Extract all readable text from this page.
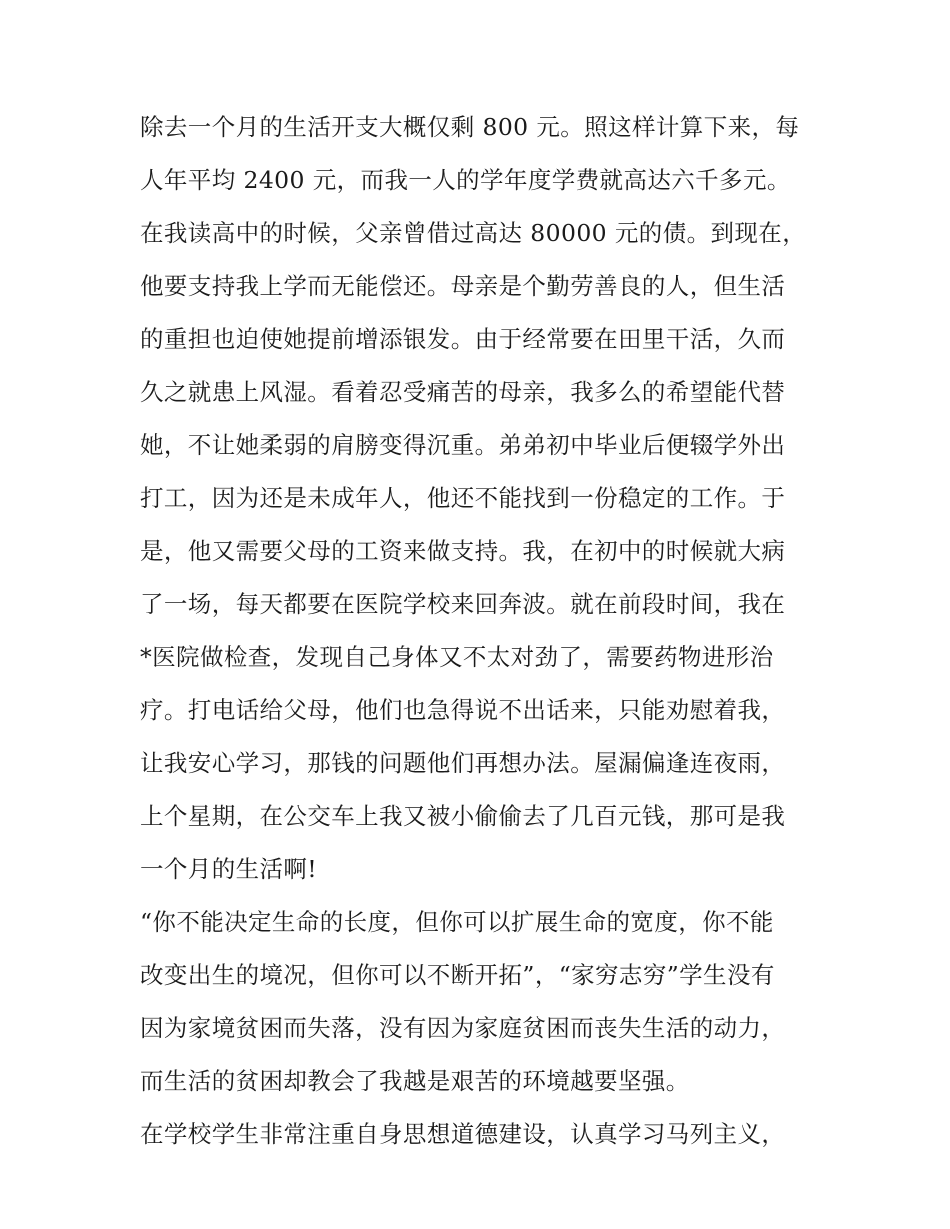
除去一个月的生活开支大概仅剩 800 元。照这样计算下来，每
人年平均 2400 元，而我一人的学年度学费就高达六千多元。
在我读高中的时候，父亲曾借过高达 80000 元的债。到现在，
他要支持我上学而无能偿还。母亲是个勤劳善良的人，但生活
的重担也迫使她提前增添银发。由于经常要在田里干活，久而
久之就患上风湿。看着忍受痛苦的母亲，我多么的希望能代替
她，不让她柔弱的肩膀变得沉重。弟弟初中毕业后便辍学外出
打工，因为还是未成年人，他还不能找到一份稳定的工作。于
是，他又需要父母的工资来做支持。我，在初中的时候就大病
了一场，每天都要在医院学校来回奔波。就在前段时间，我在
*医院做检查，发现自己身体又不太对劲了，需要药物进形治
疗。打电话给父母，他们也急得说不出话来，只能劝慰着我，
让我安心学习，那钱的问题他们再想办法。屋漏偏逢连夜雨，
上个星期，在公交车上我又被小偷偷去了几百元钱，那可是我
一个月的生活啊!
“你不能决定生命的长度，但你可以扩展生命的宽度，你不能
改变出生的境况，但你可以不断开拓”，“家穷志穷”学生没有
因为家境贫困而失落，没有因为家庭贫困而丧失生活的动力，
而生活的贫困却教会了我越是艰苦的环境越要坚强。
在学校学生非常注重自身思想道德建设，认真学习马列主义，
